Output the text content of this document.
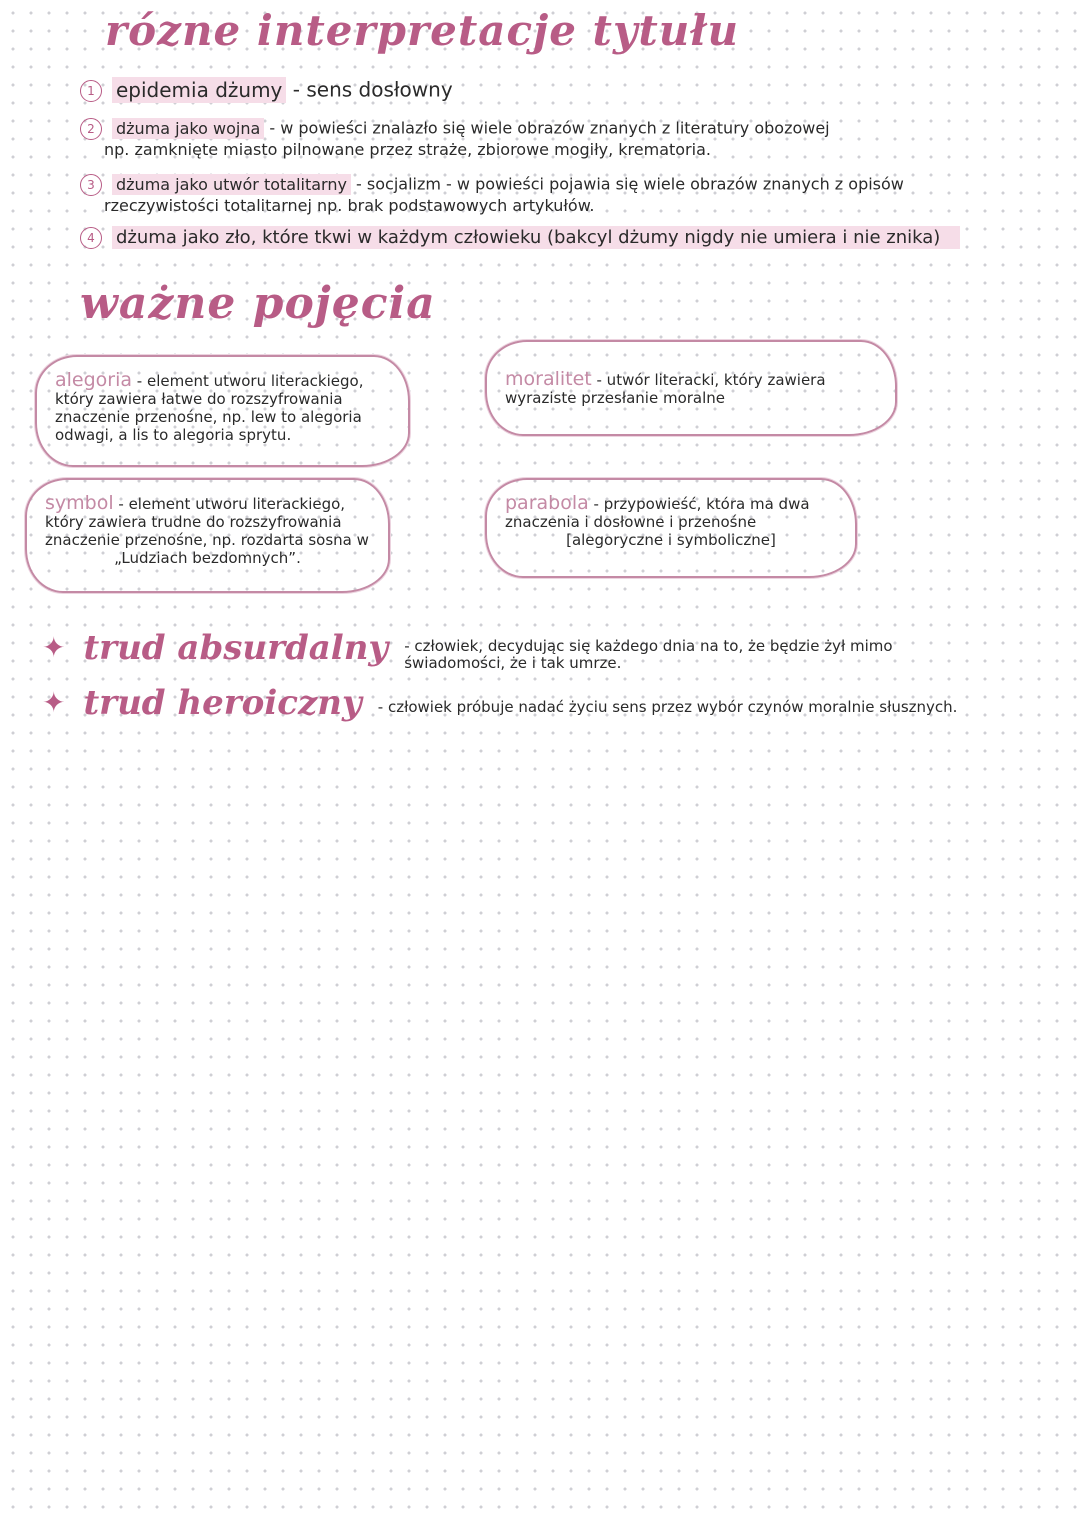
rózne interpretacje tytułu
1 epidemia dżumy - sens dosłowny
2 dżuma jako wojna - w powieści znalazło się wiele obrazów znanych z literatury obozowej
np. zamknięte miasto pilnowane przez straże, zbiorowe mogiły, krematoria.
3 dżuma jako utwór totalitarny - socjalizm - w powieści pojawia się wiele obrazów znanych z opisów
rzeczywistości totalitarnej np. brak podstawowych artykułów.
4 dżuma jako zło, które tkwi w każdym człowieku (bakcyl dżumy nigdy nie umiera i nie znika)
ważne pojęcia
alegoria - element utworu literackiego, który zawiera łatwe do rozszyfrowania znaczenie przenośne, np. lew to alegoria odwagi, a lis to alegoria sprytu.
moralitet - utwór literacki, który zawiera wyraziste przesłanie moralne
symbol - element utworu literackiego, który zawiera trudne do rozszyfrowania znaczenie przenośne, np. rozdarta sosna w
„Ludziach bezdomnych”.
parabola - przypowieść, która ma dwa znaczenia i dosłowne i przenośne
[alegoryczne i symboliczne]
✦ trud absurdalny - człowiek, decydując się każdego dnia na to, że będzie żył mimo świadomości, że i tak umrze.
✦ trud heroiczny - człowiek próbuje nadać życiu sens przez wybór czynów moralnie słusznych.
